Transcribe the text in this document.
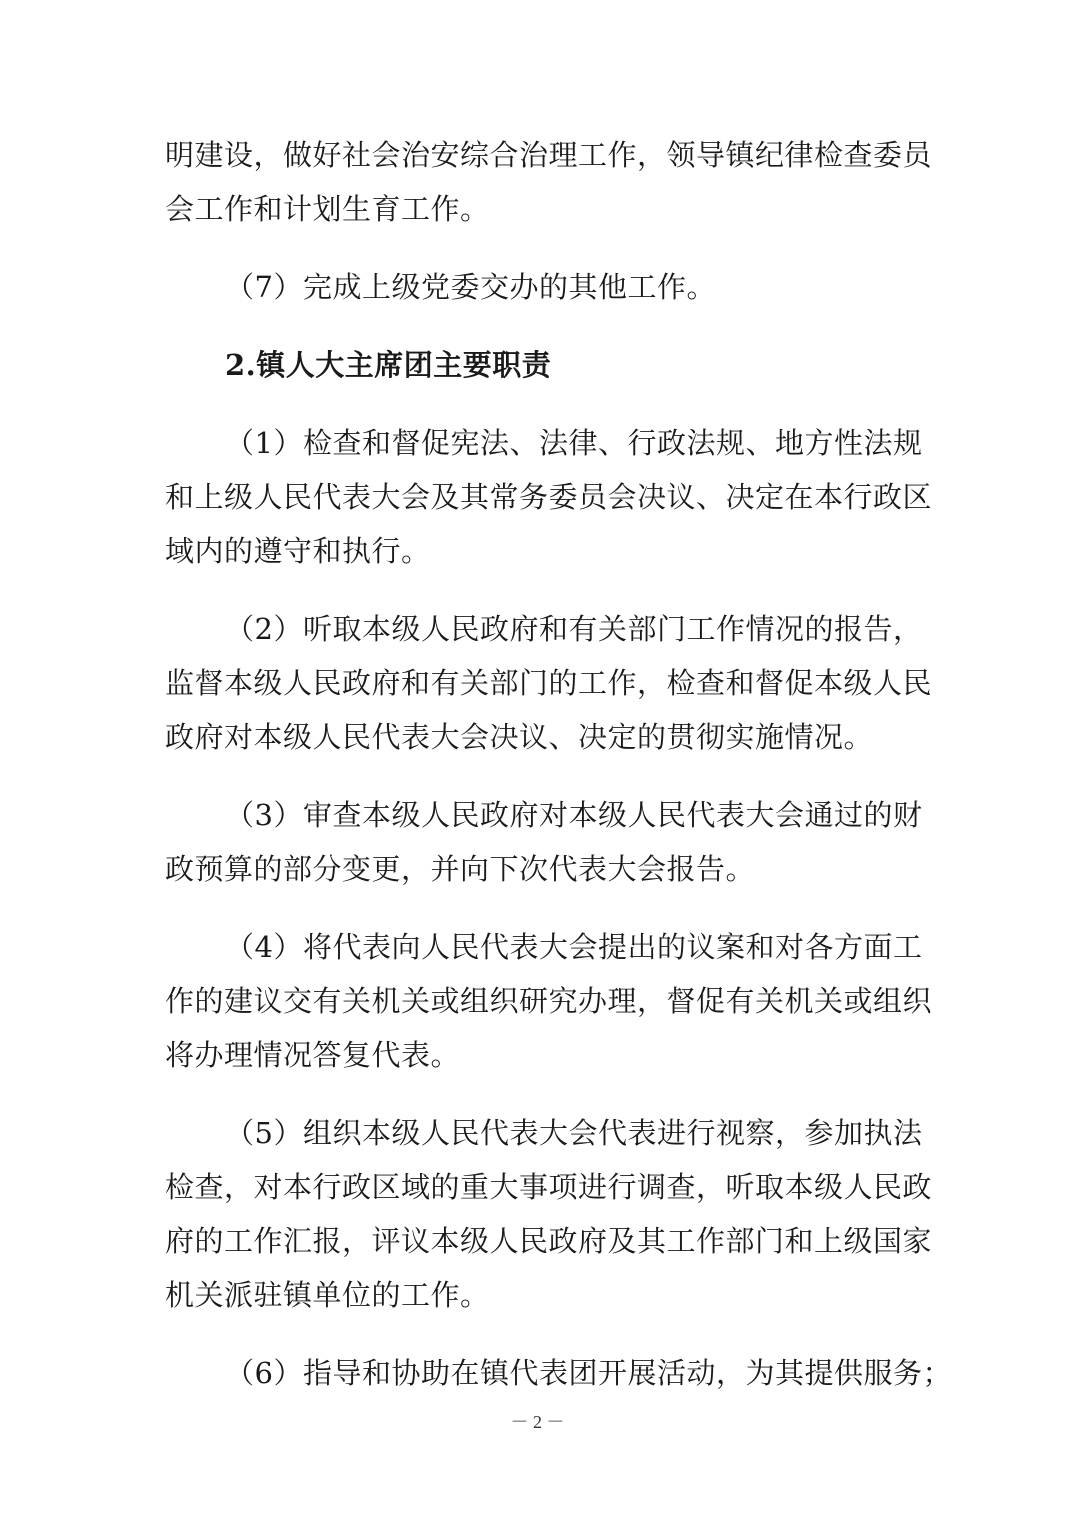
明建设，做好社会治安综合治理工作，领导镇纪律检查委员
会工作和计划生育工作。
（7）完成上级党委交办的其他工作。
2.镇人大主席团主要职责
（1）检查和督促宪法、法律、行政法规、地方性法规
和上级人民代表大会及其常务委员会决议、决定在本行政区
域内的遵守和执行。
（2）听取本级人民政府和有关部门工作情况的报告，
监督本级人民政府和有关部门的工作，检查和督促本级人民
政府对本级人民代表大会决议、决定的贯彻实施情况。
（3）审查本级人民政府对本级人民代表大会通过的财
政预算的部分变更，并向下次代表大会报告。
（4）将代表向人民代表大会提出的议案和对各方面工
作的建议交有关机关或组织研究办理，督促有关机关或组织
将办理情况答复代表。
（5）组织本级人民代表大会代表进行视察，参加执法
检查，对本行政区域的重大事项进行调查，听取本级人民政
府的工作汇报，评议本级人民政府及其工作部门和上级国家
机关派驻镇单位的工作。
（6）指导和协助在镇代表团开展活动，为其提供服务；
－ 2 －
